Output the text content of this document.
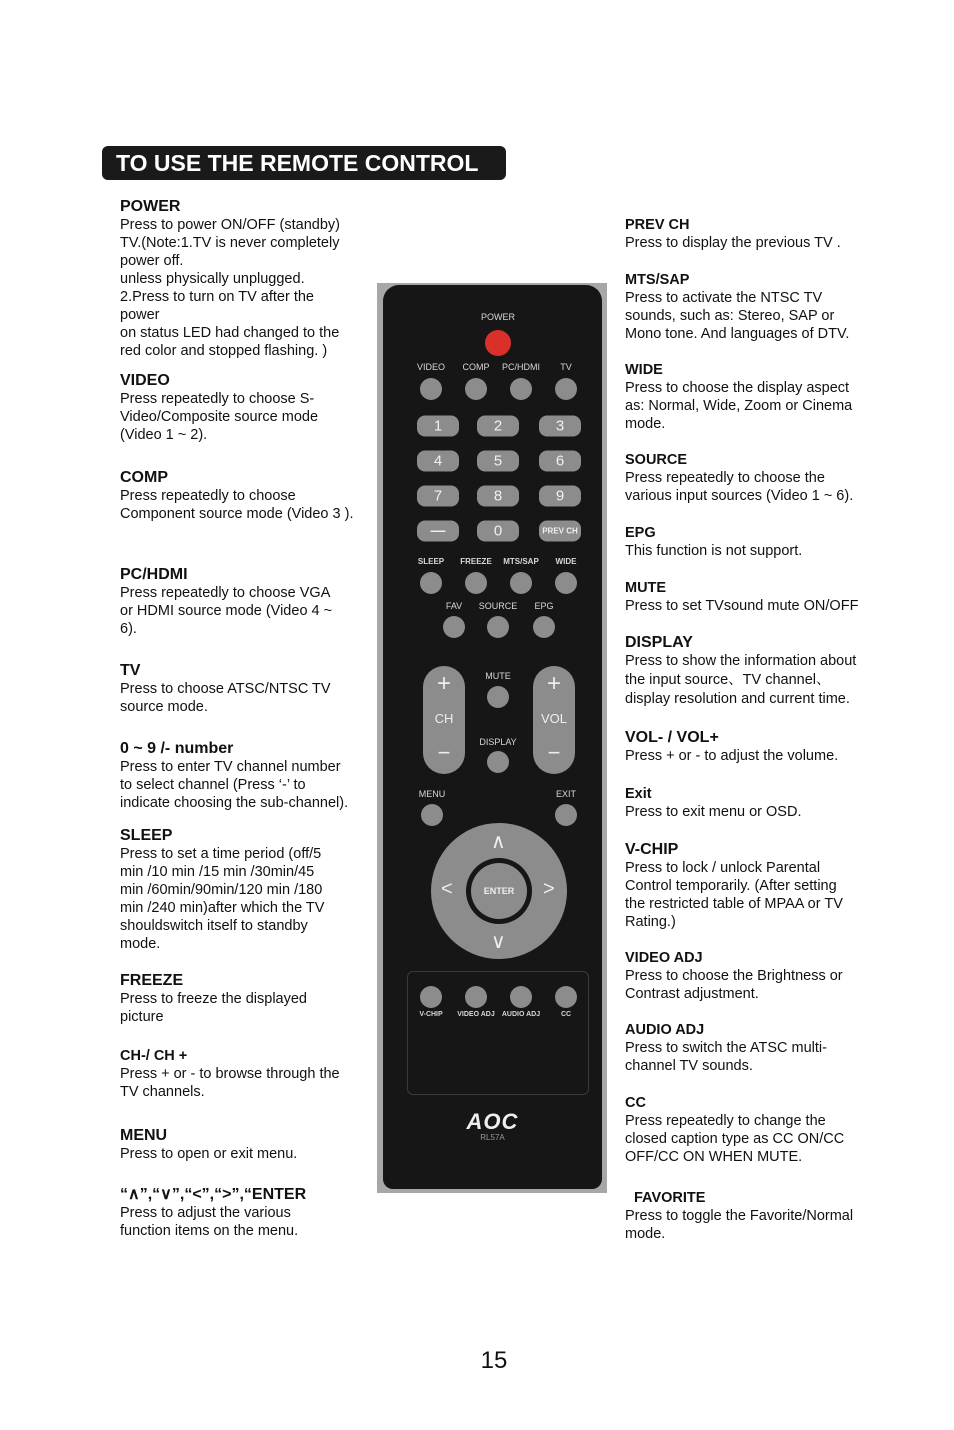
TO USE THE REMOTE CONTROL
POWER
Press to power ON/OFF (standby)
TV.(Note:1.TV is never completely
power off.
unless physically unplugged.
2.Press to turn on TV after the
power
on status LED had changed to the
red color and stopped flashing. )
VIDEO
Press repeatedly to choose S-
Video/Composite source mode
(Video 1 ~ 2).
COMP
Press repeatedly to choose
Component source mode (Video 3 ).
PC/HDMI
Press repeatedly to choose VGA
or HDMI source mode (Video 4 ~
6).
TV
Press to choose ATSC/NTSC TV
source mode.
0 ~ 9 /- number
Press to enter TV channel number
to select channel (Press ‘-’ to
indicate choosing the sub-channel).
SLEEP
Press to set a time period (off/5
min /10 min /15 min /30min/45
min /60min/90min/120 min /180
min /240 min)after which the TV
shouldswitch itself to standby
mode.
FREEZE
Press to freeze the displayed
picture
CH-/ CH +
Press + or - to browse through the
TV channels.
MENU
Press to open or exit menu.
“∧”,“∨”,“<”,“>”,“ENTER
Press to adjust the various
function items on the menu.
PREV CH
Press to display the previous TV .
MTS/SAP
Press to activate the NTSC TV
sounds, such as: Stereo, SAP or
Mono tone. And languages of DTV.
WIDE
Press to choose the display aspect
as: Normal, Wide, Zoom or Cinema
mode.
SOURCE
Press repeatedly to choose the
various input sources (Video 1 ~ 6).
EPG
This function is not support.
MUTE
Press to set TVsound mute ON/OFF
DISPLAY
Press to show the information about
the input source、TV channel、
display resolution and current time.
VOL- / VOL+
Press + or - to adjust the volume.
Exit
Press to exit menu or OSD.
V-CHIP
Press to lock / unlock Parental
Control temporarily. (After setting
the restricted table of MPAA or TV
Rating.)
VIDEO ADJ
Press to choose the Brightness or
Contrast adjustment.
AUDIO ADJ
Press to switch the ATSC multi-
channel TV sounds.
CC
Press repeatedly to change the
closed caption type as CC ON/CC
OFF/CC ON WHEN MUTE.
FAVORITE
Press to toggle the Favorite/Normal
mode.
POWER
VIDEO COMP PC/HDMI TV
1	2	3
4	5	6
7	8	9
—	0	PREV CH
SLEEP FREEZE MTS/SAP WIDE
FAV SOURCE EPG
+
CH
−
+
VOL
−
MUTE
DISPLAY
MENU	EXIT
∧
∨
<	>
ENTER
V-CHIP VIDEO ADJ AUDIO ADJ	CC
AOC
RL57A
15
